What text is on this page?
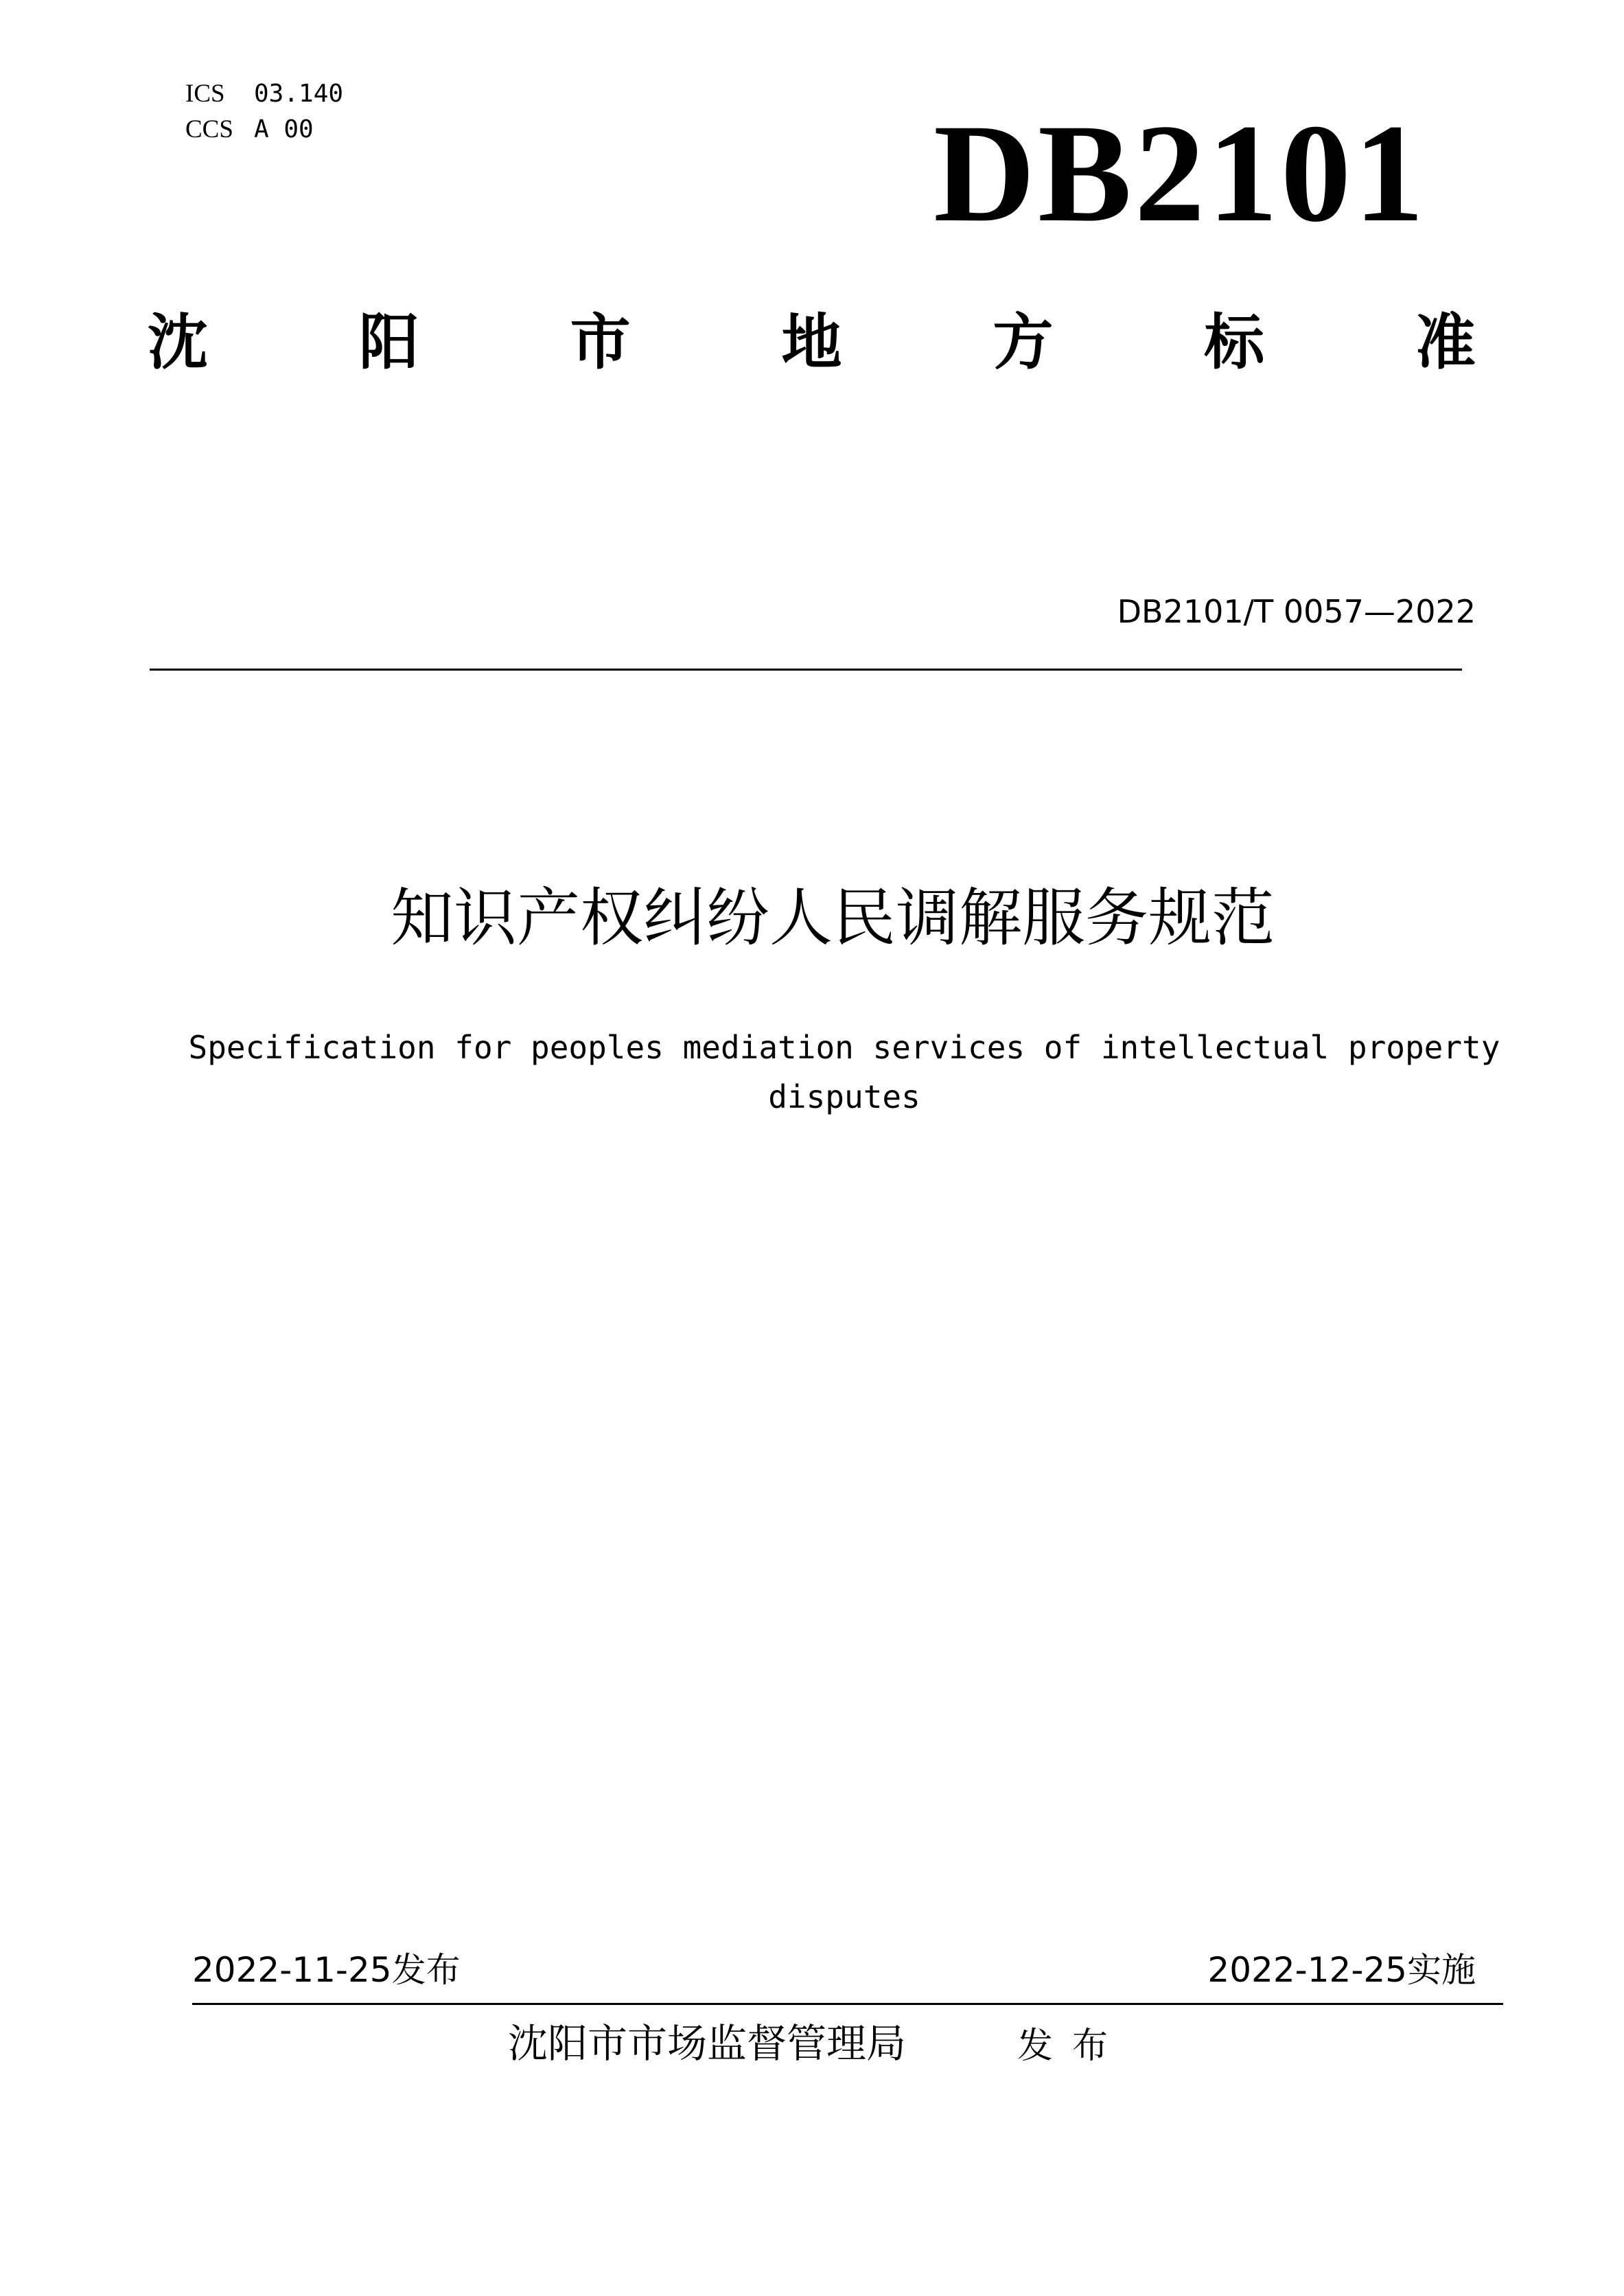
ICS 03.140
CCS A 00	DB2101
沈 阳 市 地 方 标 准
DB2101/T 0057—2022
知识产权纠纷人民调解服务规范
Specification for peoples mediation services of intellectual property
disputes
2022-11-25发布	2022-12-25实施
沈阳市市场监督管理局	发布
